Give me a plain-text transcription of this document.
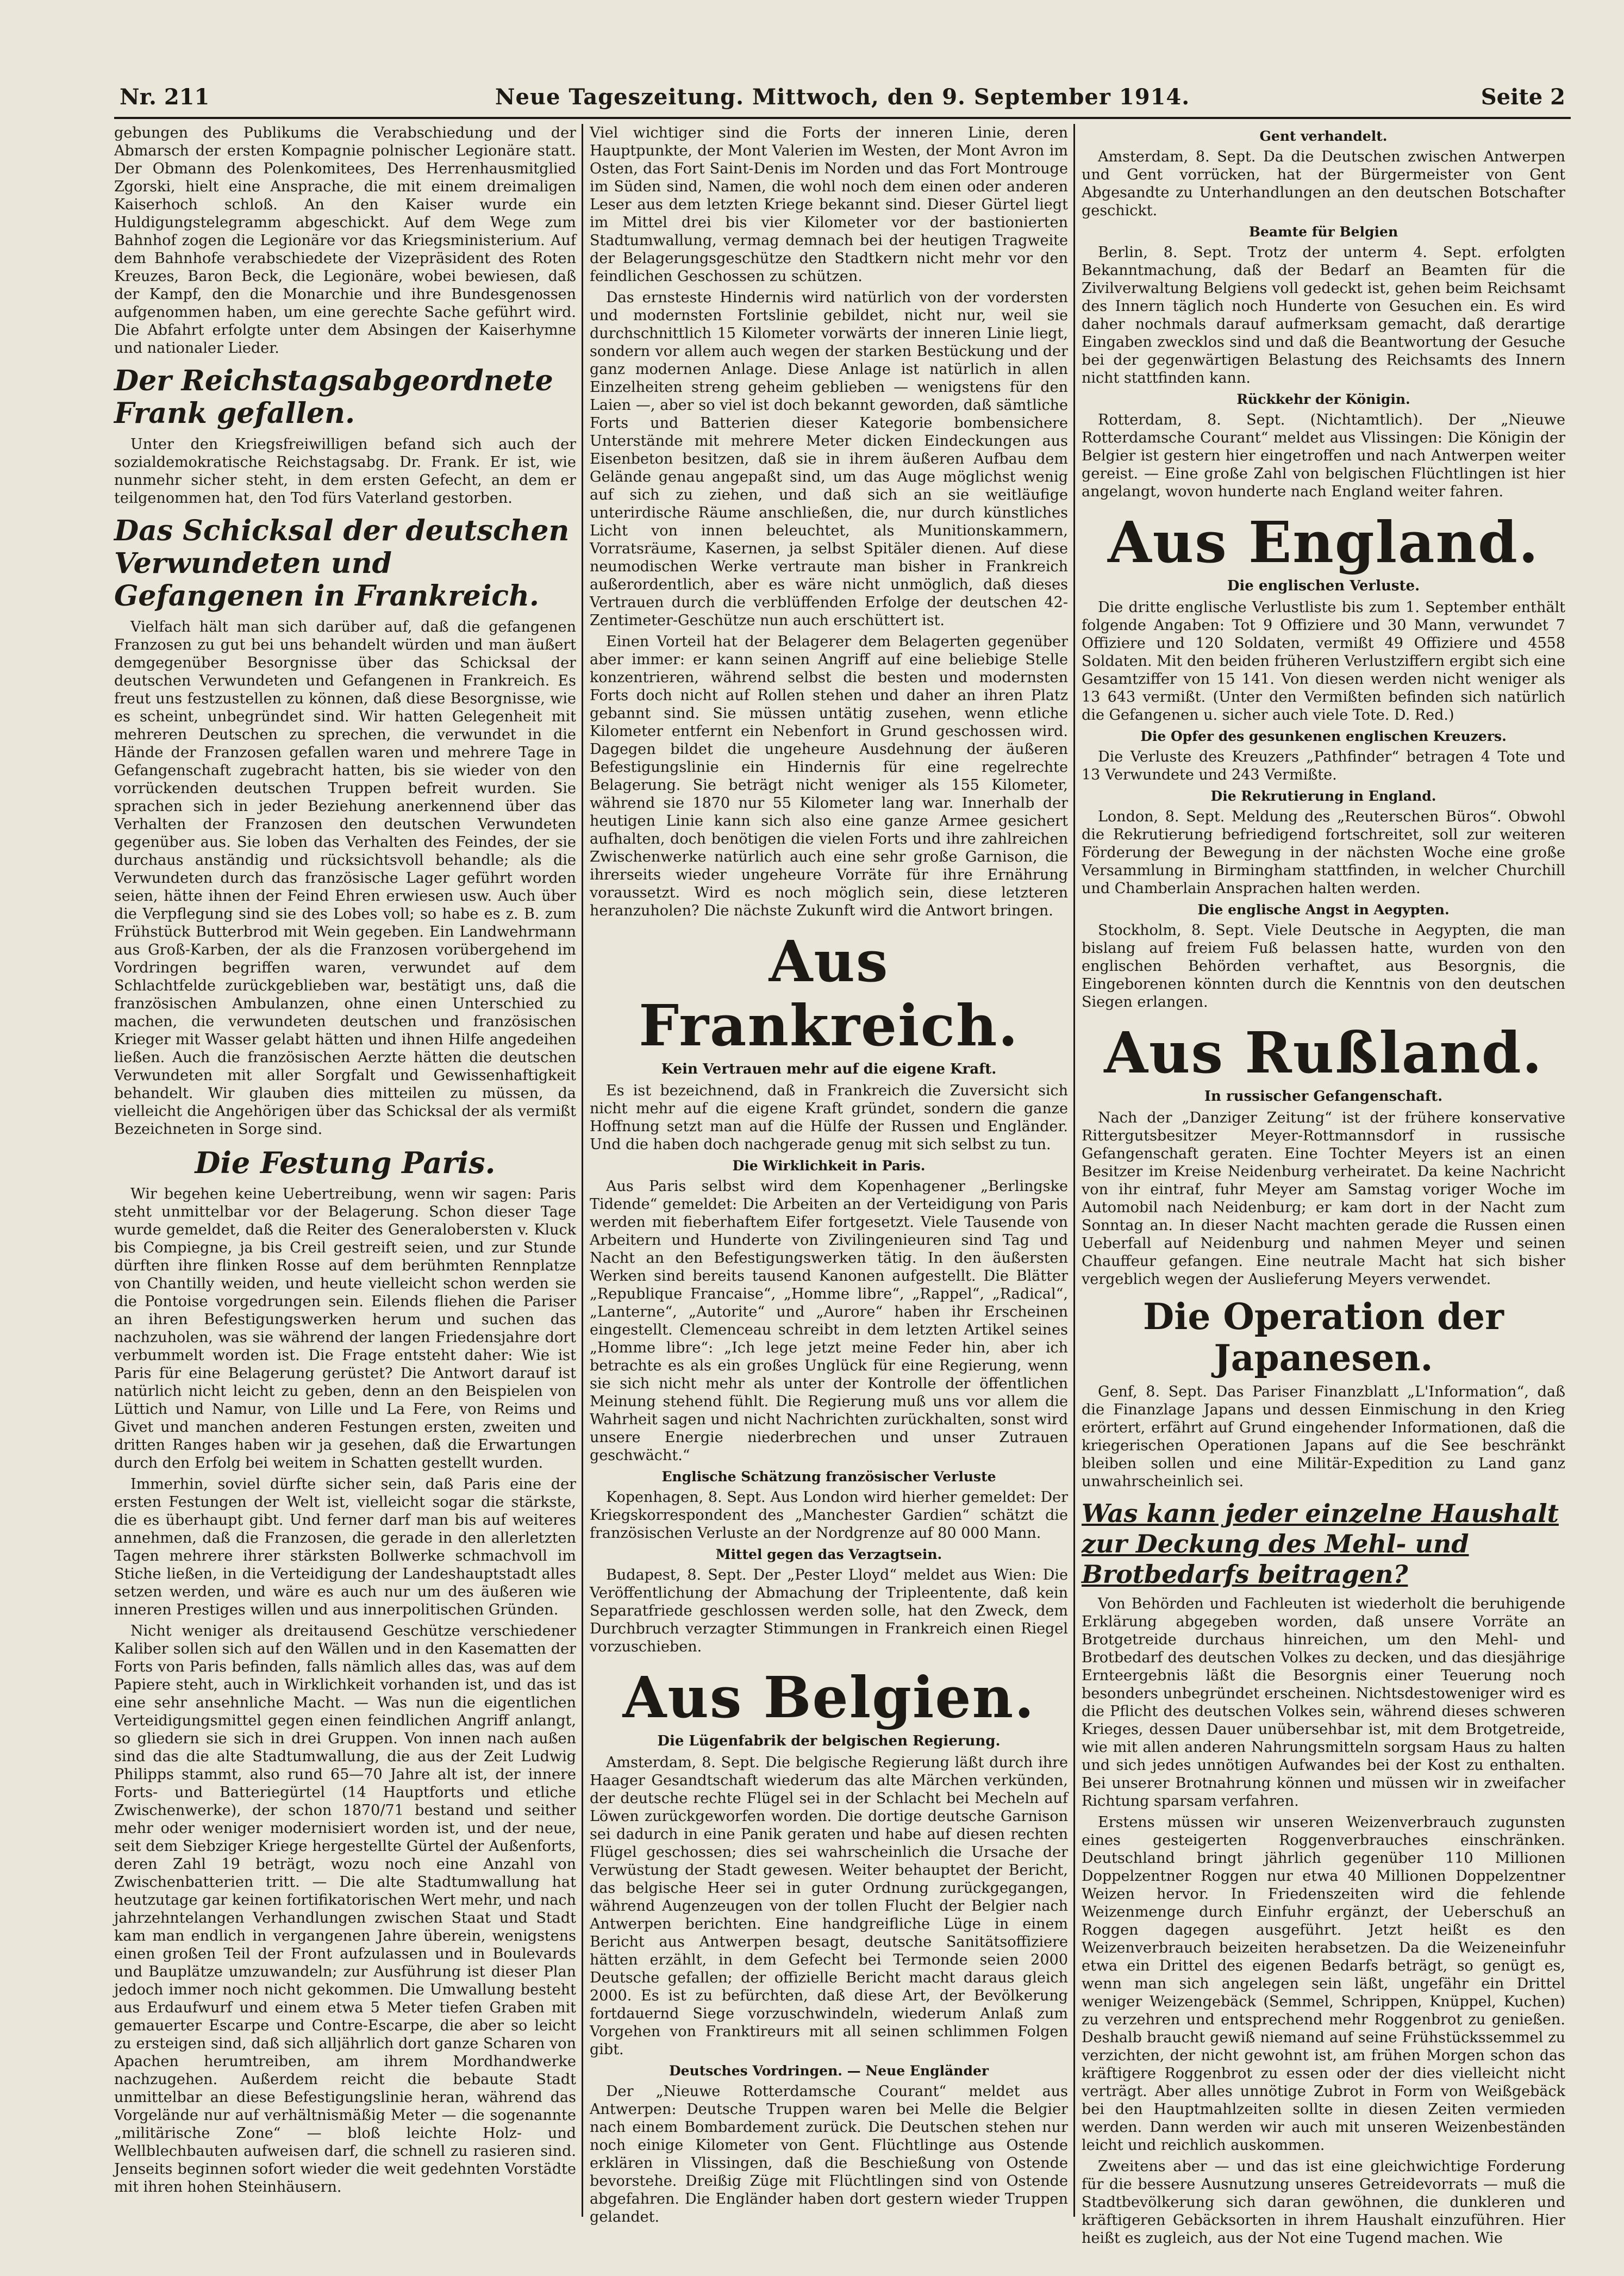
Nr. 211	Neue Tageszeitung. Mittwoch, den 9. September 1914.	Seite 2

gebungen des Publikums die Verabschiedung und der Abmarsch der ersten Kompagnie polnischer Legionäre statt. Der Obmann des Polenkomitees, Des Herrenhausmitglied Zgorski, hielt eine Ansprache, die mit einem dreimaligen Kaiserhoch schloß. An den Kaiser wurde ein Huldigungstelegramm abgeschickt. Auf dem Wege zum Bahnhof zogen die Legionäre vor das Kriegsministerium. Auf dem Bahnhofe verabschiedete der Vizepräsident des Roten Kreuzes, Baron Beck, die Legionäre, wobei bewiesen, daß der Kampf, den die Monarchie und ihre Bundesgenossen aufgenommen haben, um eine gerechte Sache geführt wird. Die Abfahrt erfolgte unter dem Absingen der Kaiserhymne und nationaler Lieder.

Der Reichstagsabgeordnete Frank gefallen.

Unter den Kriegsfreiwilligen befand sich auch der sozialdemokratische Reichstagsabg. Dr. Frank. Er ist, wie nunmehr sicher steht, in dem ersten Gefecht, an dem er teilgenommen hat, den Tod fürs Vaterland gestorben.

Das Schicksal der deutschen Verwundeten und Gefangenen in Frankreich.

Vielfach hält man sich darüber auf, daß die gefangenen Franzosen zu gut bei uns behandelt würden und man äußert demgegenüber Besorgnisse über das Schicksal der deutschen Verwundeten und Gefangenen in Frankreich. Es freut uns festzustellen zu können, daß diese Besorgnisse, wie es scheint, unbegründet sind. Wir hatten Gelegenheit mit mehreren Deutschen zu sprechen, die verwundet in die Hände der Franzosen gefallen waren und mehrere Tage in Gefangenschaft zugebracht hatten, bis sie wieder von den vorrückenden deutschen Truppen befreit wurden. Sie sprachen sich in jeder Beziehung anerkennend über das Verhalten der Franzosen den deutschen Verwundeten gegenüber aus. Sie loben das Verhalten des Feindes, der sie durchaus anständig und rücksichtsvoll behandle; als die Verwundeten durch das französische Lager geführt worden seien, hätte ihnen der Feind Ehren erwiesen usw. Auch über die Verpflegung sind sie des Lobes voll; so habe es z. B. zum Frühstück Butterbrod mit Wein gegeben. Ein Landwehrmann aus Groß-Karben, der als die Franzosen vorübergehend im Vordringen begriffen waren, verwundet auf dem Schlachtfelde zurückgeblieben war, bestätigt uns, daß die französischen Ambulanzen, ohne einen Unterschied zu machen, die verwundeten deutschen und französischen Krieger mit Wasser gelabt hätten und ihnen Hilfe angedeihen ließen. Auch die französischen Aerzte hätten die deutschen Verwundeten mit aller Sorgfalt und Gewissenhaftigkeit behandelt. Wir glauben dies mitteilen zu müssen, da vielleicht die Angehörigen über das Schicksal der als vermißt Bezeichneten in Sorge sind.

Die Festung Paris.

Wir begehen keine Uebertreibung, wenn wir sagen: Paris steht unmittelbar vor der Belagerung. Schon dieser Tage wurde gemeldet, daß die Reiter des Generalobersten v. Kluck bis Compiegne, ja bis Creil gestreift seien, und zur Stunde dürften ihre flinken Rosse auf dem berühmten Rennplatze von Chantilly weiden, und heute vielleicht schon werden sie die Pontoise vorgedrungen sein. Eilends fliehen die Pariser an ihren Befestigungswerken herum und suchen das nachzuholen, was sie während der langen Friedensjahre dort verbummelt worden ist. Die Frage entsteht daher: Wie ist Paris für eine Belagerung gerüstet? Die Antwort darauf ist natürlich nicht leicht zu geben, denn an den Beispielen von Lüttich und Namur, von Lille und La Fere, von Reims und Givet und manchen anderen Festungen ersten, zweiten und dritten Ranges haben wir ja gesehen, daß die Erwartungen durch den Erfolg bei weitem in Schatten gestellt wurden.

Immerhin, soviel dürfte sicher sein, daß Paris eine der ersten Festungen der Welt ist, vielleicht sogar die stärkste, die es überhaupt gibt. Und ferner darf man bis auf weiteres annehmen, daß die Franzosen, die gerade in den allerletzten Tagen mehrere ihrer stärksten Bollwerke schmachvoll im Stiche ließen, in die Verteidigung der Landeshauptstadt alles setzen werden, und wäre es auch nur um des äußeren wie inneren Prestiges willen und aus innerpolitischen Gründen.

Nicht weniger als dreitausend Geschütze verschiedener Kaliber sollen sich auf den Wällen und in den Kasematten der Forts von Paris befinden, falls nämlich alles das, was auf dem Papiere steht, auch in Wirklichkeit vorhanden ist, und das ist eine sehr ansehnliche Macht. — Was nun die eigentlichen Verteidigungsmittel gegen einen feindlichen Angriff anlangt, so gliedern sie sich in drei Gruppen. Von innen nach außen sind das die alte Stadtumwallung, die aus der Zeit Ludwig Philipps stammt, also rund 65—70 Jahre alt ist, der innere Forts- und Batteriegürtel (14 Hauptforts und etliche Zwischenwerke), der schon 1870/71 bestand und seither mehr oder weniger modernisiert worden ist, und der neue, seit dem Siebziger Kriege hergestellte Gürtel der Außenforts, deren Zahl 19 beträgt, wozu noch eine Anzahl von Zwischenbatterien tritt. — Die alte Stadtumwallung hat heutzutage gar keinen fortifikatorischen Wert mehr, und nach jahrzehntelangen Verhandlungen zwischen Staat und Stadt kam man endlich in vergangenen Jahre überein, wenigstens einen großen Teil der Front aufzulassen und in Boulevards und Bauplätze umzuwandeln; zur Ausführung ist dieser Plan jedoch immer noch nicht gekommen. Die Umwallung besteht aus Erdaufwurf und einem etwa 5 Meter tiefen Graben mit gemauerter Escarpe und Contre-Escarpe, die aber so leicht zu ersteigen sind, daß sich alljährlich dort ganze Scharen von Apachen herumtreiben, am ihrem Mordhandwerke nachzugehen. Außerdem reicht die bebaute Stadt unmittelbar an diese Befestigungslinie heran, während das Vorgelände nur auf verhältnismäßig Meter — die sogenannte „militärische Zone“ — bloß leichte Holz- und Wellblechbauten aufweisen darf, die schnell zu rasieren sind. Jenseits beginnen sofort wieder die weit gedehnten Vorstädte mit ihren hohen Steinhäusern.

Viel wichtiger sind die Forts der inneren Linie, deren Hauptpunkte, der Mont Valerien im Westen, der Mont Avron im Osten, das Fort Saint-Denis im Norden und das Fort Montrouge im Süden sind, Namen, die wohl noch dem einen oder anderen Leser aus dem letzten Kriege bekannt sind. Dieser Gürtel liegt im Mittel drei bis vier Kilometer vor der bastionierten Stadtumwallung, vermag demnach bei der heutigen Tragweite der Belagerungsgeschütze den Stadtkern nicht mehr vor den feindlichen Geschossen zu schützen.

Das ernsteste Hindernis wird natürlich von der vordersten und modernsten Fortslinie gebildet, nicht nur, weil sie durchschnittlich 15 Kilometer vorwärts der inneren Linie liegt, sondern vor allem auch wegen der starken Bestückung und der ganz modernen Anlage. Diese Anlage ist natürlich in allen Einzelheiten streng geheim geblieben — wenigstens für den Laien —, aber so viel ist doch bekannt geworden, daß sämtliche Forts und Batterien dieser Kategorie bombensichere Unterstände mit mehrere Meter dicken Eindeckungen aus Eisenbeton besitzen, daß sie in ihrem äußeren Aufbau dem Gelände genau angepaßt sind, um das Auge möglichst wenig auf sich zu ziehen, und daß sich an sie weitläufige unterirdische Räume anschließen, die, nur durch künstliches Licht von innen beleuchtet, als Munitionskammern, Vorratsräume, Kasernen, ja selbst Spitäler dienen. Auf diese neumodischen Werke vertraute man bisher in Frankreich außerordentlich, aber es wäre nicht unmöglich, daß dieses Vertrauen durch die verblüffenden Erfolge der deutschen 42-Zentimeter-Geschütze nun auch erschüttert ist.

Einen Vorteil hat der Belagerer dem Belagerten gegenüber aber immer: er kann seinen Angriff auf eine beliebige Stelle konzentrieren, während selbst die besten und modernsten Forts doch nicht auf Rollen stehen und daher an ihren Platz gebannt sind. Sie müssen untätig zusehen, wenn etliche Kilometer entfernt ein Nebenfort in Grund geschossen wird. Dagegen bildet die ungeheure Ausdehnung der äußeren Befestigungslinie ein Hindernis für eine regelrechte Belagerung. Sie beträgt nicht weniger als 155 Kilometer, während sie 1870 nur 55 Kilometer lang war. Innerhalb der heutigen Linie kann sich also eine ganze Armee gesichert aufhalten, doch benötigen die vielen Forts und ihre zahlreichen Zwischenwerke natürlich auch eine sehr große Garnison, die ihrerseits wieder ungeheure Vorräte für ihre Ernährung voraussetzt. Wird es noch möglich sein, diese letzteren heranzuholen? Die nächste Zukunft wird die Antwort bringen.

Aus Frankreich.
Kein Vertrauen mehr auf die eigene Kraft.

Es ist bezeichnend, daß in Frankreich die Zuversicht sich nicht mehr auf die eigene Kraft gründet, sondern die ganze Hoffnung setzt man auf die Hülfe der Russen und Engländer. Und die haben doch nachgerade genug mit sich selbst zu tun.

Die Wirklichkeit in Paris.

Aus Paris selbst wird dem Kopenhagener „Berlingske Tidende“ gemeldet: Die Arbeiten an der Verteidigung von Paris werden mit fieberhaftem Eifer fortgesetzt. Viele Tausende von Arbeitern und Hunderte von Zivilingenieuren sind Tag und Nacht an den Befestigungswerken tätig. In den äußersten Werken sind bereits tausend Kanonen aufgestellt. Die Blätter „Republique Francaise“, „Homme libre“, „Rappel“, „Radical“, „Lanterne“, „Autorite“ und „Aurore“ haben ihr Erscheinen eingestellt. Clemenceau schreibt in dem letzten Artikel seines „Homme libre“: „Ich lege jetzt meine Feder hin, aber ich betrachte es als ein großes Unglück für eine Regierung, wenn sie sich nicht mehr als unter der Kontrolle der öffentlichen Meinung stehend fühlt. Die Regierung muß uns vor allem die Wahrheit sagen und nicht Nachrichten zurückhalten, sonst wird unsere Energie niederbrechen und unser Zutrauen geschwächt.“

Englische Schätzung französischer Verluste

Kopenhagen, 8. Sept. Aus London wird hierher gemeldet: Der Kriegskorrespondent des „Manchester Gardien“ schätzt die französischen Verluste an der Nordgrenze auf 80 000 Mann.

Mittel gegen das Verzagtsein.

Budapest, 8. Sept. Der „Pester Lloyd“ meldet aus Wien: Die Veröffentlichung der Abmachung der Tripleentente, daß kein Separatfriede geschlossen werden solle, hat den Zweck, dem Durchbruch verzagter Stimmungen in Frankreich einen Riegel vorzuschieben.

Aus Belgien.
Die Lügenfabrik der belgischen Regierung.

Amsterdam, 8. Sept. Die belgische Regierung läßt durch ihre Haager Gesandtschaft wiederum das alte Märchen verkünden, der deutsche rechte Flügel sei in der Schlacht bei Mecheln auf Löwen zurückgeworfen worden. Die dortige deutsche Garnison sei dadurch in eine Panik geraten und habe auf diesen rechten Flügel geschossen; dies sei wahrscheinlich die Ursache der Verwüstung der Stadt gewesen. Weiter behauptet der Bericht, das belgische Heer sei in guter Ordnung zurückgegangen, während Augenzeugen von der tollen Flucht der Belgier nach Antwerpen berichten. Eine handgreifliche Lüge in einem Bericht aus Antwerpen besagt, deutsche Sanitätsoffiziere hätten erzählt, in dem Gefecht bei Termonde seien 2000 Deutsche gefallen; der offizielle Bericht macht daraus gleich 2000. Es ist zu befürchten, daß diese Art, der Bevölkerung fortdauernd Siege vorzuschwindeln, wiederum Anlaß zum Vorgehen von Franktireurs mit all seinen schlimmen Folgen gibt.

Deutsches Vordringen. — Neue Engländer

Der „Nieuwe Rotterdamsche Courant“ meldet aus Antwerpen: Deutsche Truppen waren bei Melle die Belgier nach einem Bombardement zurück. Die Deutschen stehen nur noch einige Kilometer von Gent. Flüchtlinge aus Ostende erklären in Vlissingen, daß die Beschießung von Ostende bevorstehe. Dreißig Züge mit Flüchtlingen sind von Ostende abgefahren. Die Engländer haben dort gestern wieder Truppen gelandet.

Gent verhandelt.

Amsterdam, 8. Sept. Da die Deutschen zwischen Antwerpen und Gent vorrücken, hat der Bürgermeister von Gent Abgesandte zu Unterhandlungen an den deutschen Botschafter geschickt.

Beamte für Belgien

Berlin, 8. Sept. Trotz der unterm 4. Sept. erfolgten Bekanntmachung, daß der Bedarf an Beamten für die Zivilverwaltung Belgiens voll gedeckt ist, gehen beim Reichsamt des Innern täglich noch Hunderte von Gesuchen ein. Es wird daher nochmals darauf aufmerksam gemacht, daß derartige Eingaben zwecklos sind und daß die Beantwortung der Gesuche bei der gegenwärtigen Belastung des Reichsamts des Innern nicht stattfinden kann.

Rückkehr der Königin.

Rotterdam, 8. Sept. (Nichtamtlich). Der „Nieuwe Rotterdamsche Courant“ meldet aus Vlissingen: Die Königin der Belgier ist gestern hier eingetroffen und nach Antwerpen weiter gereist. — Eine große Zahl von belgischen Flüchtlingen ist hier angelangt, wovon hunderte nach England weiter fahren.

Aus England.
Die englischen Verluste.

Die dritte englische Verlustliste bis zum 1. September enthält folgende Angaben: Tot 9 Offiziere und 30 Mann, verwundet 7 Offiziere und 120 Soldaten, vermißt 49 Offiziere und 4558 Soldaten. Mit den beiden früheren Verlustziffern ergibt sich eine Gesamtziffer von 15 141. Von diesen werden nicht weniger als 13 643 vermißt. (Unter den Vermißten befinden sich natürlich die Gefangenen u. sicher auch viele Tote. D. Red.)

Die Opfer des gesunkenen englischen Kreuzers.

Die Verluste des Kreuzers „Pathfinder“ betragen 4 Tote und 13 Verwundete und 243 Vermißte.

Die Rekrutierung in England.

London, 8. Sept. Meldung des „Reuterschen Büros“. Obwohl die Rekrutierung befriedigend fortschreitet, soll zur weiteren Förderung der Bewegung in der nächsten Woche eine große Versammlung in Birmingham stattfinden, in welcher Churchill und Chamberlain Ansprachen halten werden.

Die englische Angst in Aegypten.

Stockholm, 8. Sept. Viele Deutsche in Aegypten, die man bislang auf freiem Fuß belassen hatte, wurden von den englischen Behörden verhaftet, aus Besorgnis, die Eingeborenen könnten durch die Kenntnis von den deutschen Siegen erlangen.

Aus Rußland.
In russischer Gefangenschaft.

Nach der „Danziger Zeitung“ ist der frühere konservative Rittergutsbesitzer Meyer-Rottmannsdorf in russische Gefangenschaft geraten. Eine Tochter Meyers ist an einen Besitzer im Kreise Neidenburg verheiratet. Da keine Nachricht von ihr eintraf, fuhr Meyer am Samstag voriger Woche im Automobil nach Neidenburg; er kam dort in der Nacht zum Sonntag an. In dieser Nacht machten gerade die Russen einen Ueberfall auf Neidenburg und nahmen Meyer und seinen Chauffeur gefangen. Eine neutrale Macht hat sich bisher vergeblich wegen der Auslieferung Meyers verwendet.

Die Operation der Japanesen.

Genf, 8. Sept. Das Pariser Finanzblatt „L'Information“, daß die Finanzlage Japans und dessen Einmischung in den Krieg erörtert, erfährt auf Grund eingehender Informationen, daß die kriegerischen Operationen Japans auf die See beschränkt bleiben sollen und eine Militär-Expedition zu Land ganz unwahrscheinlich sei.

Was kann jeder einzelne Haushalt zur Deckung des Mehl- und Brotbedarfs beitragen?

Von Behörden und Fachleuten ist wiederholt die beruhigende Erklärung abgegeben worden, daß unsere Vorräte an Brotgetreide durchaus hinreichen, um den Mehl- und Brotbedarf des deutschen Volkes zu decken, und das diesjährige Ernteergebnis läßt die Besorgnis einer Teuerung noch besonders unbegründet erscheinen. Nichtsdestoweniger wird es die Pflicht des deutschen Volkes sein, während dieses schweren Krieges, dessen Dauer unübersehbar ist, mit dem Brotgetreide, wie mit allen anderen Nahrungsmitteln sorgsam Haus zu halten und sich jedes unnötigen Aufwandes bei der Kost zu enthalten. Bei unserer Brotnahrung können und müssen wir in zweifacher Richtung sparsam verfahren.

Erstens müssen wir unseren Weizenverbrauch zugunsten eines gesteigerten Roggenverbrauches einschränken. Deutschland bringt jährlich gegenüber 110 Millionen Doppelzentner Roggen nur etwa 40 Millionen Doppelzentner Weizen hervor. In Friedenszeiten wird die fehlende Weizenmenge durch Einfuhr ergänzt, der Ueberschuß an Roggen dagegen ausgeführt. Jetzt heißt es den Weizenverbrauch beizeiten herabsetzen. Da die Weizeneinfuhr etwa ein Drittel des eigenen Bedarfs beträgt, so genügt es, wenn man sich angelegen sein läßt, ungefähr ein Drittel weniger Weizengebäck (Semmel, Schrippen, Knüppel, Kuchen) zu verzehren und entsprechend mehr Roggenbrot zu genießen. Deshalb braucht gewiß niemand auf seine Frühstückssemmel zu verzichten, der nicht gewohnt ist, am frühen Morgen schon das kräftigere Roggenbrot zu essen oder der dies vielleicht nicht verträgt. Aber alles unnötige Zubrot in Form von Weißgebäck bei den Hauptmahlzeiten sollte in diesen Zeiten vermieden werden. Dann werden wir auch mit unseren Weizenbeständen leicht und reichlich auskommen.

Zweitens aber — und das ist eine gleichwichtige Forderung für die bessere Ausnutzung unseres Getreidevorrats — muß die Stadtbevölkerung sich daran gewöhnen, die dunkleren und kräftigeren Gebäcksorten in ihrem Haushalt einzuführen. Hier heißt es zugleich, aus der Not eine Tugend machen. Wie
